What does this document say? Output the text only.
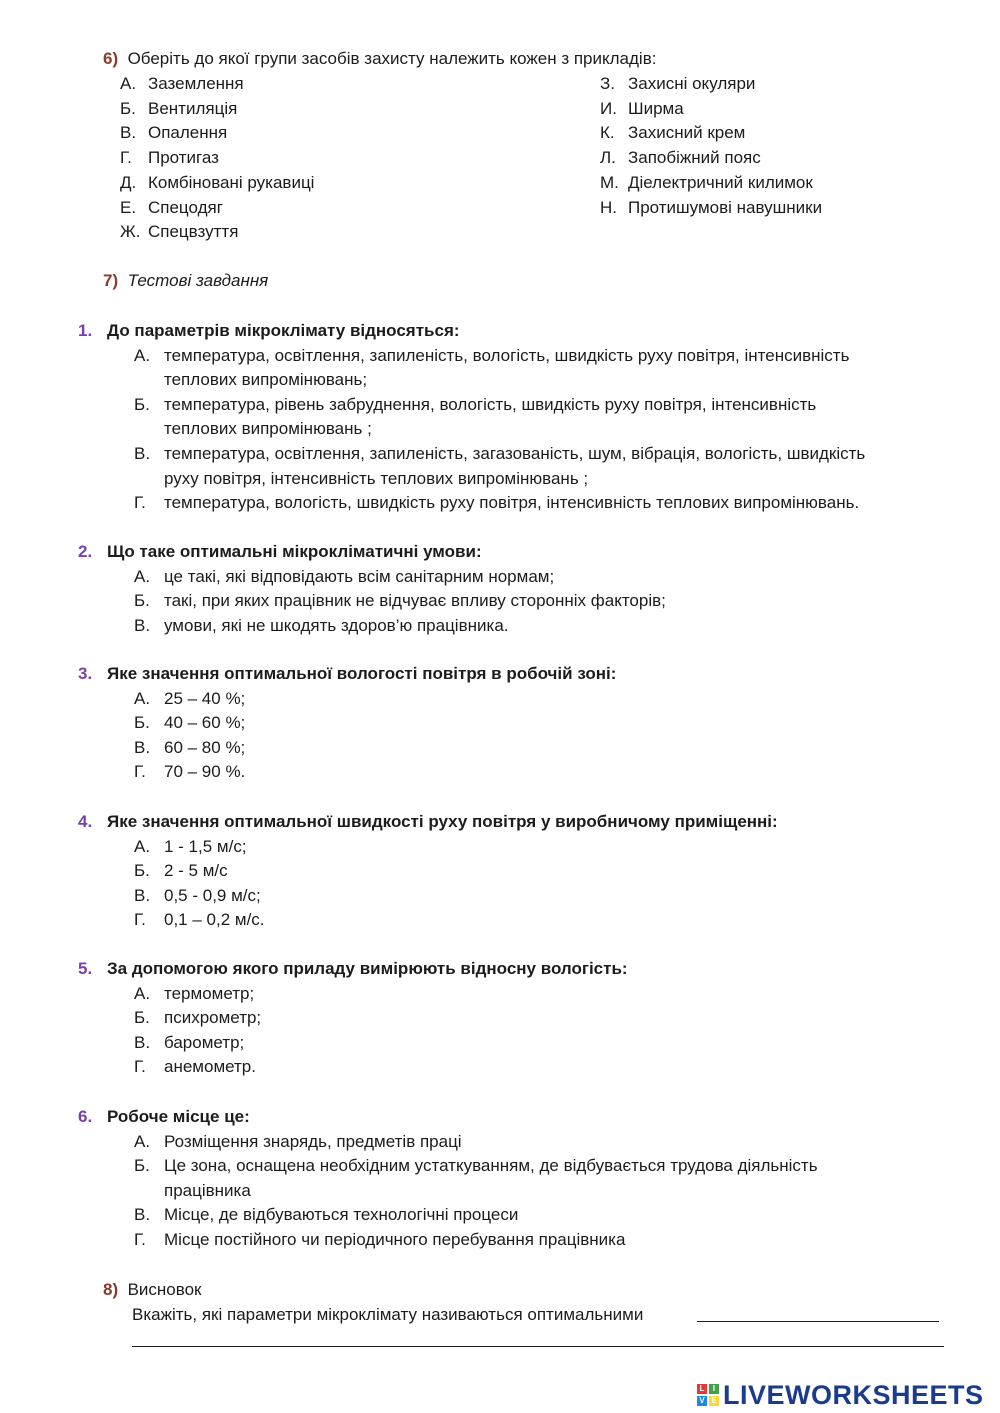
6) Оберіть до якої групи засобів захисту належить кожен з прикладів:
А. Заземлення
Б. Вентиляція
В. Опалення
Г. Протигаз
Д. Комбіновані рукавиці
Е. Спецодяг
Ж. Спецвзуття
З. Захисні окуляри
И. Ширма
К. Захисний крем
Л. Запобіжний пояс
М. Діелектричний килимок
Н. Протишумові навушники
7) Тестові завдання
1. До параметрів мікроклімату відносяться:
А. температура, освітлення, запиленість, вологість, швидкість руху повітря, інтенсивність
теплових випромінювань;
Б. температура, рівень забруднення, вологість, швидкість руху повітря, інтенсивність
теплових випромінювань ;
В. температура, освітлення, запиленість, загазованість, шум, вібрація, вологість, швидкість
руху повітря, інтенсивність теплових випромінювань ;
Г. температура, вологість, швидкість руху повітря, інтенсивність теплових випромінювань.
2. Що таке оптимальні мікрокліматичні умови:
А. це такі, які відповідають всім санітарним нормам;
Б. такі, при яких працівник не відчуває впливу сторонніх факторів;
В. умови, які не шкодять здоров’ю працівника.
3. Яке значення оптимальної вологості повітря в робочій зоні:
А. 25 – 40 %;
Б. 40 – 60 %;
В. 60 – 80 %;
Г. 70 – 90 %.
4. Яке значення оптимальної швидкості руху повітря у виробничому приміщенні:
А. 1 - 1,5 м/с;
Б. 2 - 5 м/с
В. 0,5 - 0,9 м/с;
Г. 0,1 – 0,2 м/с.
5. За допомогою якого приладу вимірюють відносну вологість:
А. термометр;
Б. психрометр;
В. барометр;
Г. анемометр.
6. Робоче місце це:
А. Розміщення знарядь, предметів праці
Б. Це зона, оснащена необхідним устаткуванням, де відбувається трудова діяльність
працівника
В. Місце, де відбуваються технологічні процеси
Г. Місце постійного чи періодичного перебування працівника
8) Висновок
Вкажіть, які параметри мікроклімату називаються оптимальними
L	I
V E LIVEWORKSHEETS
